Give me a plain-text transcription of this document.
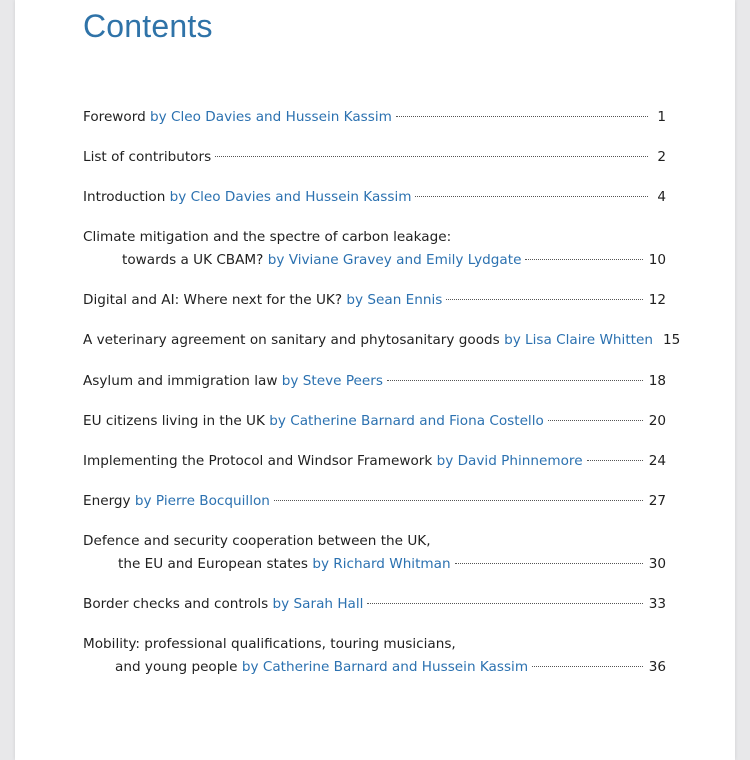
Contents
Foreword
by Cleo Davies and Hussein Kassim	1
List of contributors	2
Introduction
by Cleo Davies and Hussein Kassim	4
Climate mitigation and the spectre of carbon leakage:
towards a UK CBAM?
by Viviane Gravey and Emily Lydgate	10
Digital and AI: Where next for the UK?
by Sean Ennis	12
A veterinary agreement on sanitary and phytosanitary goods
by Lisa Claire Whitten 15
Asylum and immigration law
by Steve Peers	18
EU citizens living in the UK
by Catherine Barnard and Fiona Costello	20
Implementing the Protocol and Windsor Framework
by David Phinnemore	24
Energy
by Pierre Bocquillon	27
Defence and security cooperation between the UK,
the EU and European states
by Richard Whitman	30
Border checks and controls
by Sarah Hall	33
Mobility: professional qualifications, touring musicians,
and young people
by Catherine Barnard and Hussein Kassim	36
